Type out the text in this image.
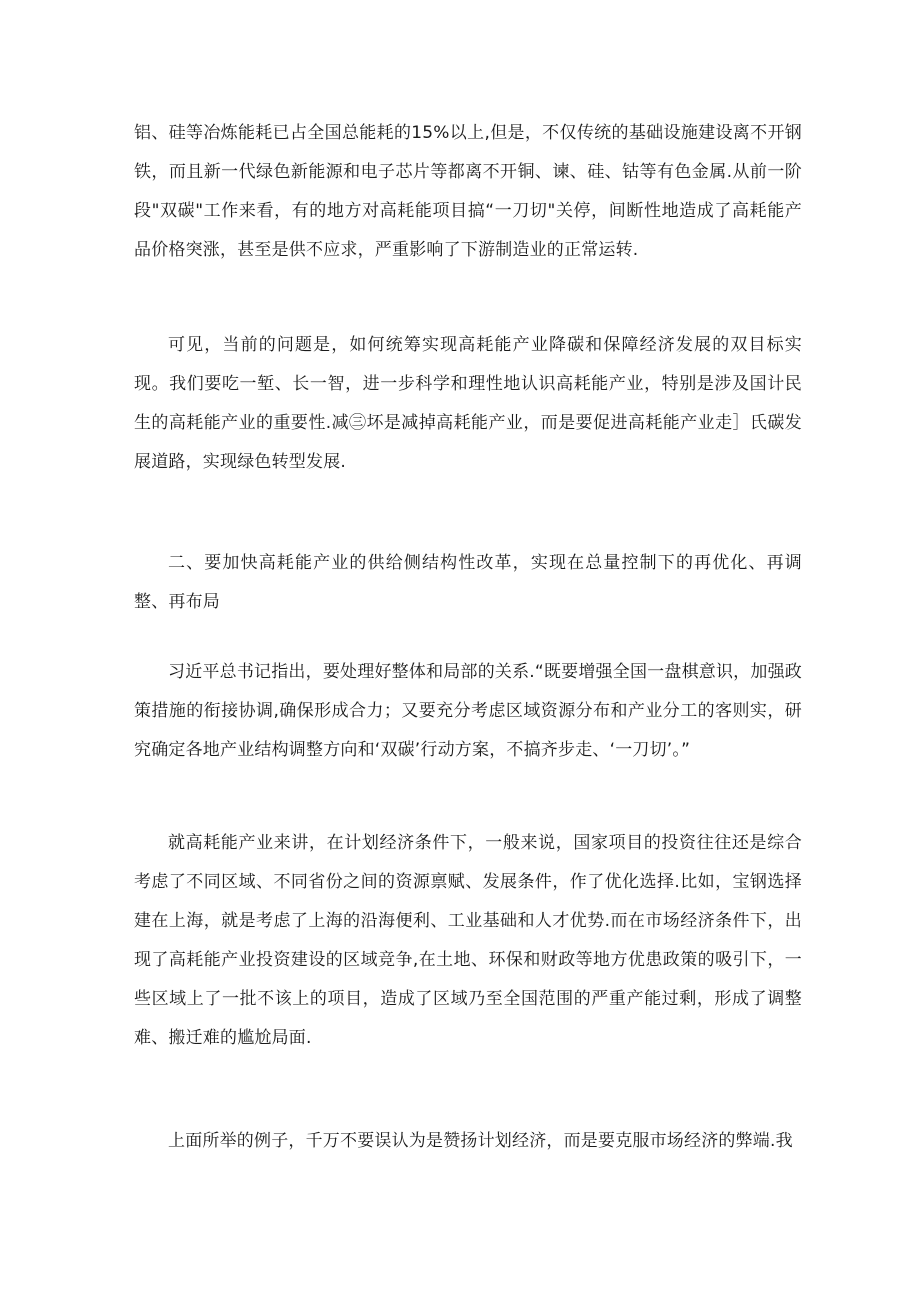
铝、硅等冶炼能耗已占全国总能耗的15%以上,但是，不仅传统的基础设施建设离不开钢铁，而且新一代绿色新能源和电子芯片等都离不开铜、谏、硅、钴等有色金属.从前一阶段"双碳"工作来看，有的地方对高耗能项目搞“一刀切"关停，间断性地造成了高耗能产品价格突涨，甚至是供不应求，严重影响了下游制造业的正常运转.

可见，当前的问题是，如何统筹实现高耗能产业降碳和保障经济发展的双目标实现。我们要吃一堑、长一智，进一步科学和理性地认识高耗能产业，特别是涉及国计民生的高耗能产业的重要性.减㊂坏是减掉高耗能产业，而是要促进高耗能产业走］氏碳发展道路，实现绿色转型发展.

二、要加快高耗能产业的供给侧结构性改革，实现在总量控制下的再优化、再调整、再布局

习近平总书记指出，要处理好整体和局部的关系.“既要增强全国一盘棋意识，加强政策措施的衔接协调,确保形成合力；又要充分考虑区域资源分布和产业分工的客则实，研究确定各地产业结构调整方向和‘双碳’行动方案，不搞齐步走、‘一刀切’。”

就高耗能产业来讲，在计划经济条件下，一般来说，国家项目的投资往往还是综合考虑了不同区域、不同省份之间的资源禀赋、发展条件，作了优化选择.比如，宝钢选择建在上海，就是考虑了上海的沿海便利、工业基础和人才优势.而在市场经济条件下，出现了高耗能产业投资建设的区域竞争,在土地、环保和财政等地方优患政策的吸引下，一些区域上了一批不该上的项目，造成了区域乃至全国范围的严重产能过剩，形成了调整难、搬迁难的尴尬局面.

上面所举的例子，千万不要误认为是赞扬计划经济，而是要克服市场经济的弊端.我
